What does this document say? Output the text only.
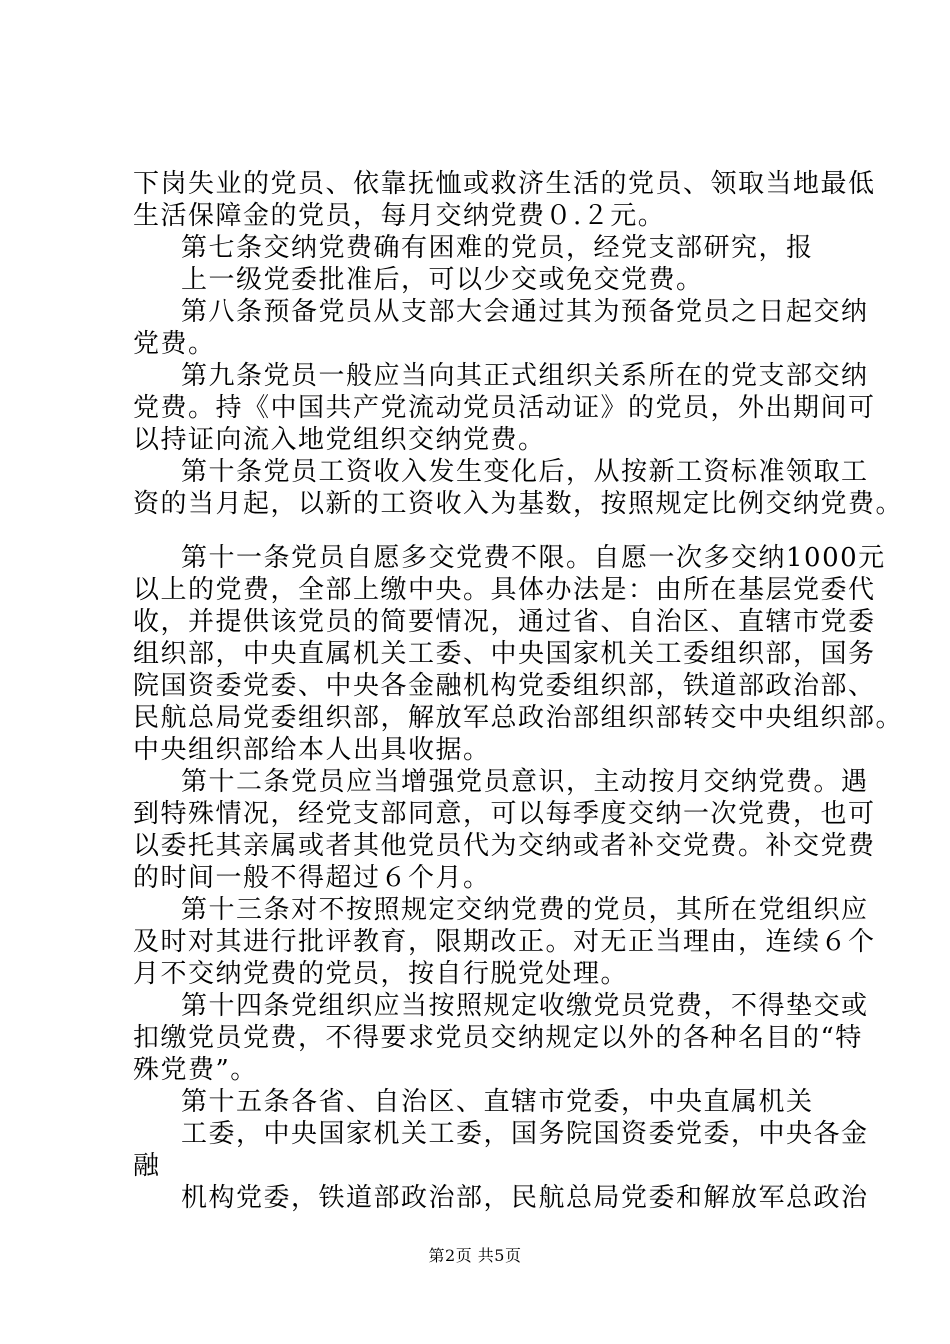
下岗失业的党员、依靠抚恤或救济生活的党员、领取当地最低
生活保障金的党员，每月交纳党费０.２元。
第七条交纳党费确有困难的党员，经党支部研究，报
上一级党委批准后，可以少交或免交党费。
第八条预备党员从支部大会通过其为预备党员之日起交纳
党费。
第九条党员一般应当向其正式组织关系所在的党支部交纳
党费。持《中国共产党流动党员活动证》的党员，外出期间可
以持证向流入地党组织交纳党费。
第十条党员工资收入发生变化后，从按新工资标准领取工
资的当月起，以新的工资收入为基数，按照规定比例交纳党费。
第十一条党员自愿多交党费不限。自愿一次多交纳1000元
以上的党费，全部上缴中央。具体办法是：由所在基层党委代
收，并提供该党员的简要情况，通过省、自治区、直辖市党委
组织部，中央直属机关工委、中央国家机关工委组织部，国务
院国资委党委、中央各金融机构党委组织部，铁道部政治部、
民航总局党委组织部，解放军总政治部组织部转交中央组织部。
中央组织部给本人出具收据。
第十二条党员应当增强党员意识，主动按月交纳党费。遇
到特殊情况，经党支部同意，可以每季度交纳一次党费，也可
以委托其亲属或者其他党员代为交纳或者补交党费。补交党费
的时间一般不得超过６个月。
第十三条对不按照规定交纳党费的党员，其所在党组织应
及时对其进行批评教育，限期改正。对无正当理由，连续６个
月不交纳党费的党员，按自行脱党处理。
第十四条党组织应当按照规定收缴党员党费，不得垫交或
扣缴党员党费，不得要求党员交纳规定以外的各种名目的“特
殊党费”。
第十五条各省、自治区、直辖市党委，中央直属机关
工委，中央国家机关工委，国务院国资委党委，中央各金
融
机构党委，铁道部政治部，民航总局党委和解放军总政治
第2页 共5页
